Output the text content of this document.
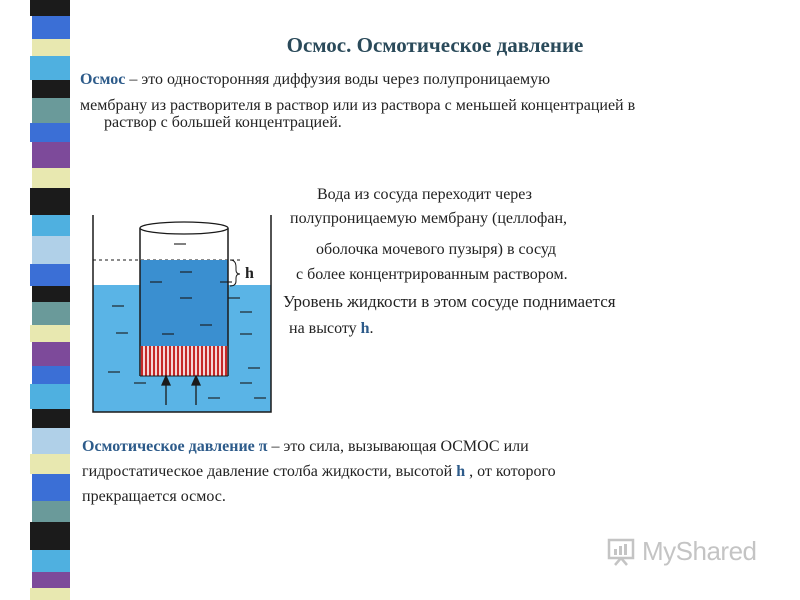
Осмос. Осмотическое давление
Осмос – это односторонняя диффузия воды через полупроницаемую
мембрану из растворителя в раствор или из раствора с меньшей концентрацией в
раствор с большей концентрацией.
Вода из сосуда переходит через
полупроницаемую мембрану (целлофан,
оболочка мочевого пузыря) в сосуд
с более концентрированным раствором.
Уровень жидкости в этом сосуде поднимается
на высоту h.
h
Осмотическое давление π – это сила, вызывающая ОСМОС или
гидростатическое давление столба жидкости, высотой h , от которого
прекращается осмос.
MyShared
